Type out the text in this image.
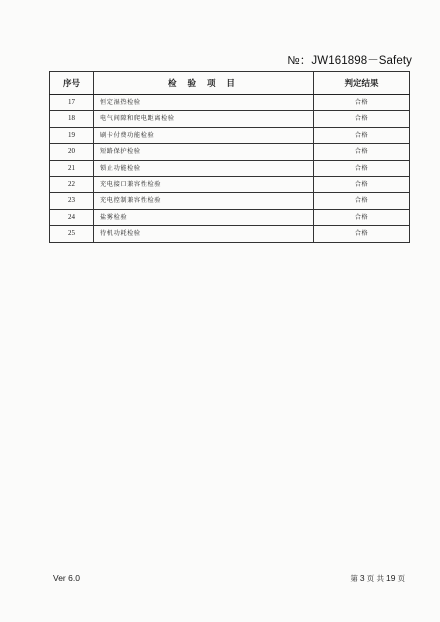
№：JW161898－Safety
序号	检 验 项 目	判定结果
17	恒定湿热检验	合格
18	电气间隙和爬电距离检验	合格
19	刷卡付费功能检验	合格
20	短路保护检验	合格
21	锁止功能检验	合格
22	充电接口兼容性检验	合格
23	充电控制兼容性检验	合格
24	盐雾检验	合格
25	待机功耗检验	合格
Ver 6.0	第 3 页 共 19 页
